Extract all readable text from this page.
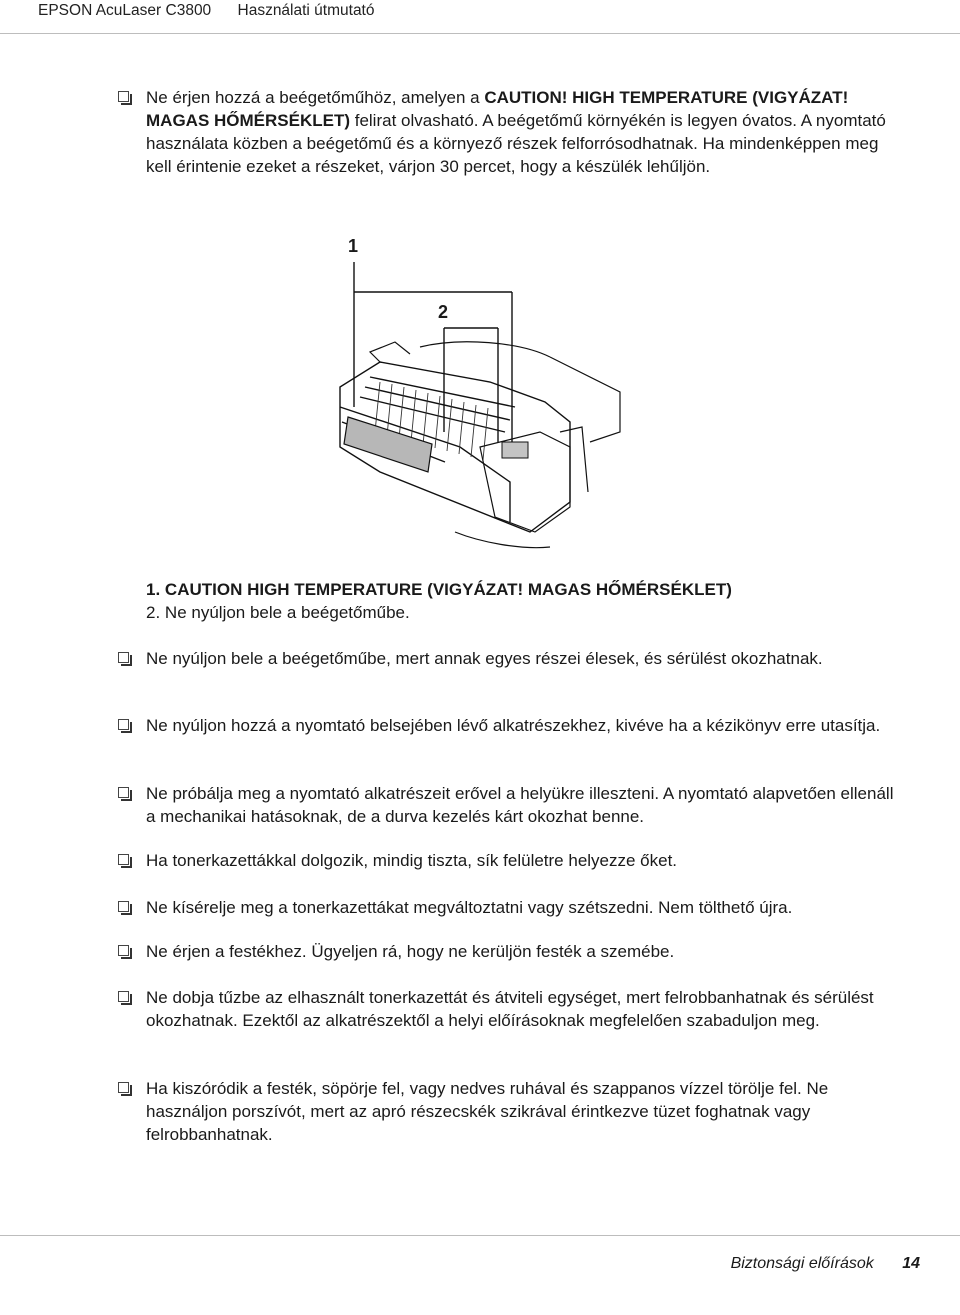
EPSON AcuLaser C3800 Használati útmutató
Ne érjen hozzá a beégetőműhöz, amelyen a CAUTION! HIGH TEMPERATURE (VIGYÁZAT! MAGAS HŐMÉRSÉKLET) felirat olvasható. A beégetőmű környékén is legyen óvatos. A nyomtató használata közben a beégetőmű és a környező részek felforrósodhatnak. Ha mindenképpen meg kell érintenie ezeket a részeket, várjon 30 percet, hogy a készülék lehűljön.
1
2
1. CAUTION HIGH TEMPERATURE (VIGYÁZAT! MAGAS HŐMÉRSÉKLET)
2. Ne nyúljon bele a beégetőműbe.
Ne nyúljon bele a beégetőműbe, mert annak egyes részei élesek, és sérülést okozhatnak.
Ne nyúljon hozzá a nyomtató belsejében lévő alkatrészekhez, kivéve ha a kézikönyv erre utasítja.
Ne próbálja meg a nyomtató alkatrészeit erővel a helyükre illeszteni. A nyomtató alapvetően ellenáll a mechanikai hatásoknak, de a durva kezelés kárt okozhat benne.
Ha tonerkazettákkal dolgozik, mindig tiszta, sík felületre helyezze őket.
Ne kísérelje meg a tonerkazettákat megváltoztatni vagy szétszedni. Nem tölthető újra.
Ne érjen a festékhez. Ügyeljen rá, hogy ne kerüljön festék a szemébe.
Ne dobja tűzbe az elhasznált tonerkazettát és átviteli egységet, mert felrobbanhatnak és sérülést okozhatnak. Ezektől az alkatrészektől a helyi előírásoknak megfelelően szabaduljon meg.
Ha kiszóródik a festék, söpörje fel, vagy nedves ruhával és szappanos vízzel törölje fel. Ne használjon porszívót, mert az apró részecskék szikrával érintkezve tüzet foghatnak vagy felrobbanhatnak.
Biztonsági előírások 14
